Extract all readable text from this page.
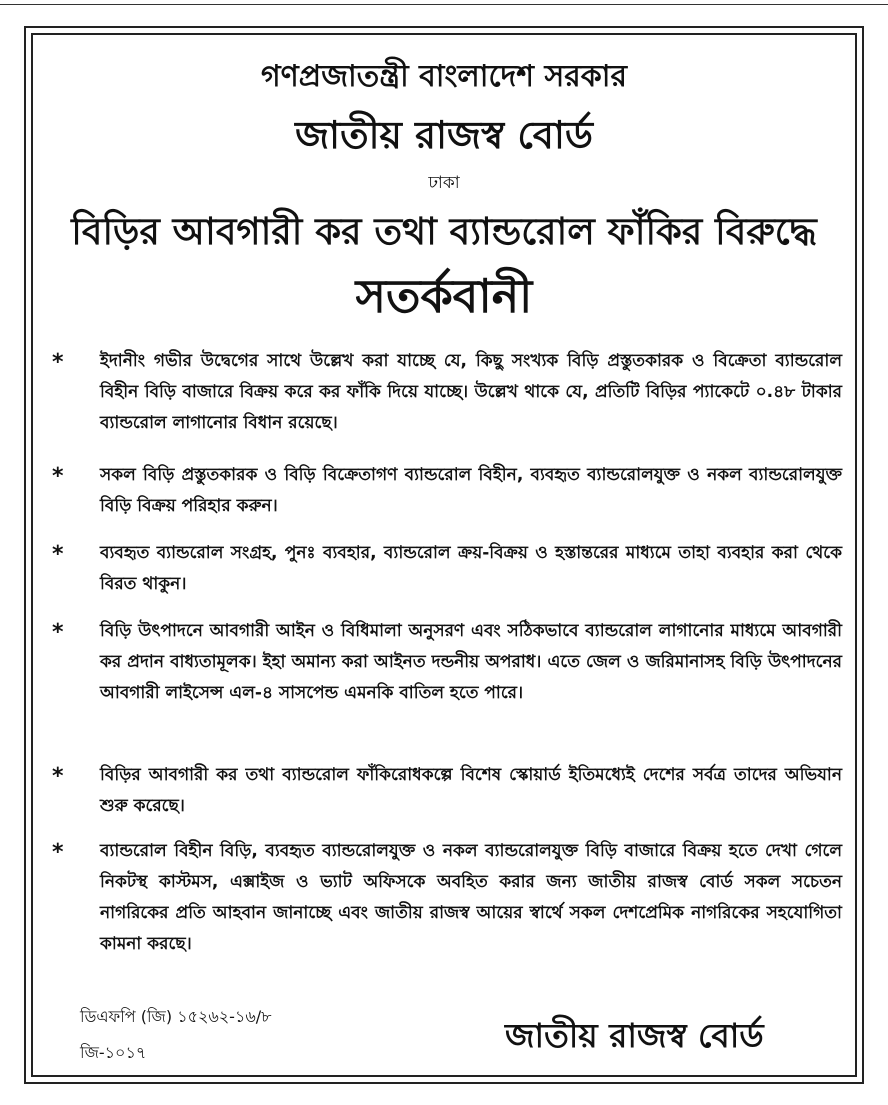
গণপ্রজাতন্ত্রী বাংলাদেশ সরকার
জাতীয় রাজস্ব বোর্ড
ঢাকা
বিড়ির আবগারী কর তথা ব্যান্ডরোল ফাঁকির বিরুদ্ধে
সতর্কবানী
* ইদানীং গভীর উদ্বেগের সাথে উল্লেখ করা যাচ্ছে যে, কিছু সংখ্যক বিড়ি প্রস্তুতকারক ও বিক্রেতা ব্যান্ডরোল বিহীন বিড়ি বাজারে বিক্রয় করে কর ফাঁকি দিয়ে যাচ্ছে। উল্লেখ থাকে যে, প্রতিটি বিড়ির প্যাকেটে ০.৪৮ টাকার ব্যান্ডরোল লাগানোর বিধান রয়েছে।
* সকল বিড়ি প্রস্তুতকারক ও বিড়ি বিক্রেতাগণ ব্যান্ডরোল বিহীন, ব্যবহৃত ব্যান্ডরোলযুক্ত ও নকল ব্যান্ডরোলযুক্ত বিড়ি বিক্রয় পরিহার করুন।
* ব্যবহৃত ব্যান্ডরোল সংগ্রহ, পুনঃ ব্যবহার, ব্যান্ডরোল ক্রয়-বিক্রয় ও হস্তান্তরের মাধ্যমে তাহা ব্যবহার করা থেকে বিরত থাকুন।
* বিড়ি উৎপাদনে আবগারী আইন ও বিধিমালা অনুসরণ এবং সঠিকভাবে ব্যান্ডরোল লাগানোর মাধ্যমে আবগারী কর প্রদান বাধ্যতামূলক। ইহা অমান্য করা আইনত দন্ডনীয় অপরাধ। এতে জেল ও জরিমানাসহ বিড়ি উৎপাদনের আবগারী লাইসেন্স এল-৪ সাসপেন্ড এমনকি বাতিল হতে পারে।
* বিড়ির আবগারী কর তথা ব্যান্ডরোল ফাঁকিরোধকল্পে বিশেষ স্কোয়ার্ড ইতিমধ্যেই দেশের সর্বত্র তাদের অভিযান শুরু করেছে।
* ব্যান্ডরোল বিহীন বিড়ি, ব্যবহৃত ব্যান্ডরোলযুক্ত ও নকল ব্যান্ডরোলযুক্ত বিড়ি বাজারে বিক্রয় হতে দেখা গেলে নিকটস্থ কাস্টমস, এক্সাইজ ও ভ্যাট অফিসকে অবহিত করার জন্য জাতীয় রাজস্ব বোর্ড সকল সচেতন নাগরিকের প্রতি আহবান জানাচ্ছে এবং জাতীয় রাজস্ব আয়ের স্বার্থে সকল দেশপ্রেমিক নাগরিকের সহযোগিতা কামনা করছে।
ডিএফপি (জি) ১৫২৬২-১৬/৮
জি-১০১৭	জাতীয় রাজস্ব বোর্ড
